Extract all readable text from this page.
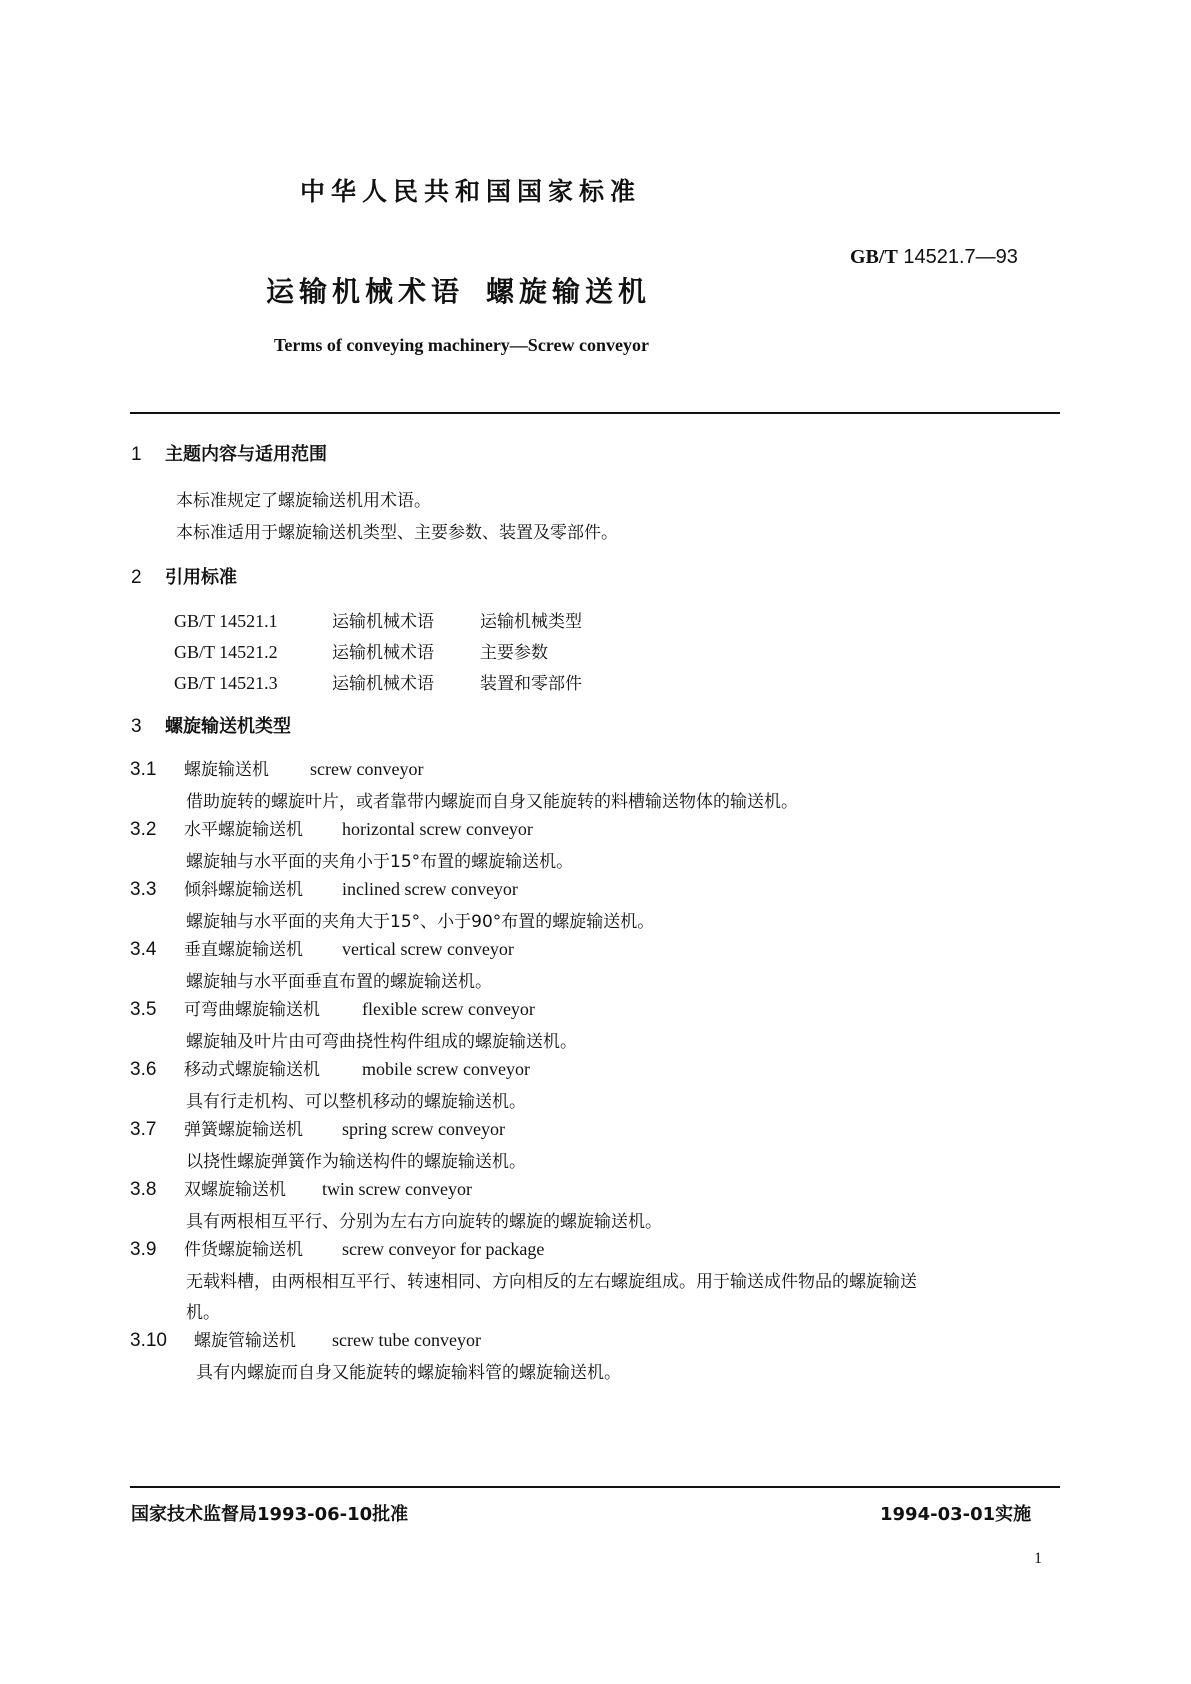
中华人民共和国国家标准
GB/T 14521.7—93
运输机械术语 螺旋输送机
Terms of conveying machinery—Screw conveyor
1 主题内容与适用范围
本标准规定了螺旋输送机用术语。
本标准适用于螺旋输送机类型、主要参数、装置及零部件。
2 引用标准
GB/T 14521.1	运输机械术语	运输机械类型
GB/T 14521.2	运输机械术语	主要参数
GB/T 14521.3	运输机械术语	装置和零部件
3 螺旋输送机类型
3.1 螺旋输送机 screw conveyor
借助旋转的螺旋叶片，或者靠带内螺旋而自身又能旋转的料槽输送物体的输送机。
3.2 水平螺旋输送机 horizontal screw conveyor
螺旋轴与水平面的夹角小于15°布置的螺旋输送机。
3.3 倾斜螺旋输送机 inclined screw conveyor
螺旋轴与水平面的夹角大于15°、小于90°布置的螺旋输送机。
3.4 垂直螺旋输送机 vertical screw conveyor
螺旋轴与水平面垂直布置的螺旋输送机。
3.5 可弯曲螺旋输送机 flexible screw conveyor
螺旋轴及叶片由可弯曲挠性构件组成的螺旋输送机。
3.6 移动式螺旋输送机 mobile screw conveyor
具有行走机构、可以整机移动的螺旋输送机。
3.7 弹簧螺旋输送机 spring screw conveyor
以挠性螺旋弹簧作为输送构件的螺旋输送机。
3.8 双螺旋输送机 twin screw conveyor
具有两根相互平行、分别为左右方向旋转的螺旋的螺旋输送机。
3.9 件货螺旋输送机 screw conveyor for package
无载料槽，由两根相互平行、转速相同、方向相反的左右螺旋组成。用于输送成件物品的螺旋输送
机。
3.10 螺旋管输送机 screw tube conveyor
具有内螺旋而自身又能旋转的螺旋输料管的螺旋输送机。
国家技术监督局1993-06-10批准	1994-03-01实施
1
